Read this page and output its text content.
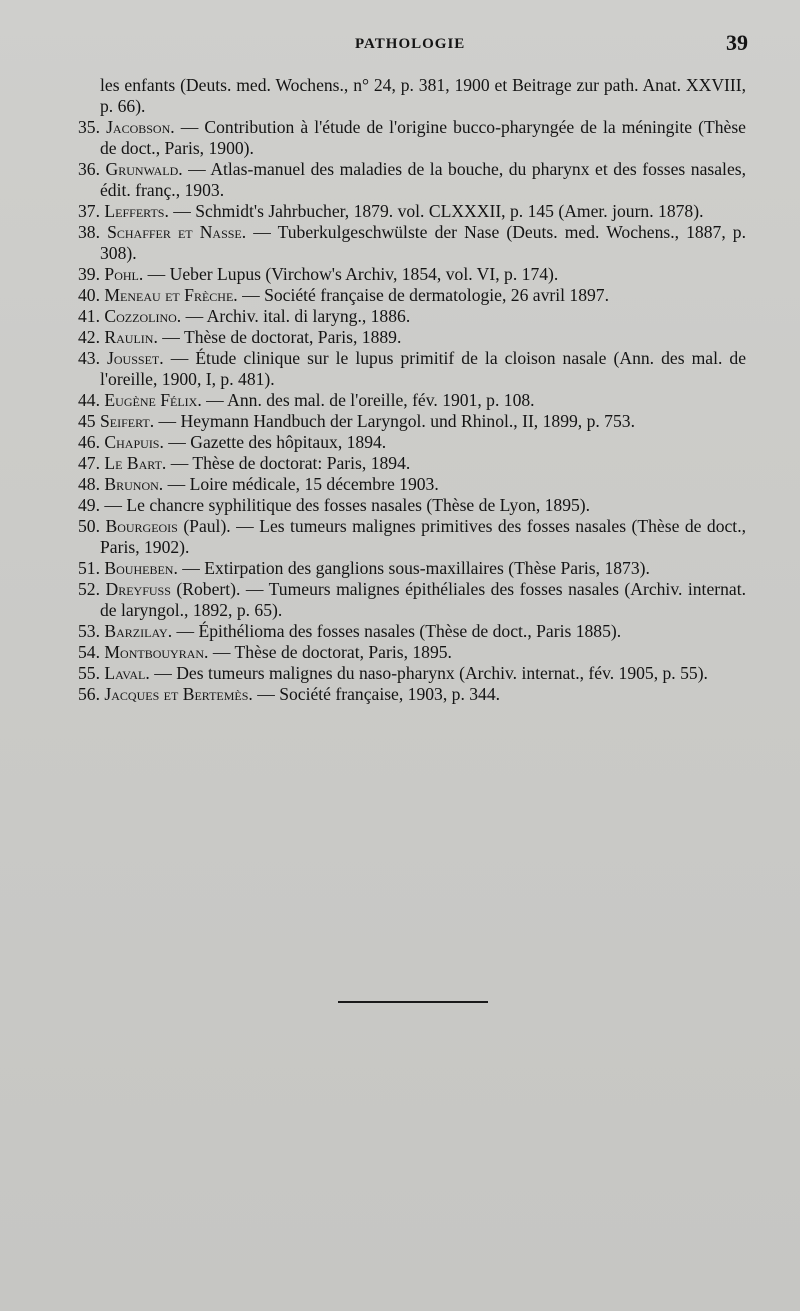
PATHOLOGIE	39

les enfants (Deuts. med. Wochens., n° 24, p. 381, 1900 et Beitrage zur path. Anat. XXVIII, p. 66).

35. Jacobson. — Contribution à l'étude de l'origine bucco-pharyngée de la méningite (Thèse de doct., Paris, 1900).

36. Grunwald. — Atlas-manuel des maladies de la bouche, du pharynx et des fosses nasales, édit. franç., 1903.

37. Lefferts. — Schmidt's Jahrbucher, 1879. vol. CLXXXII, p. 145 (Amer. journ. 1878).

38. Schaffer et Nasse. — Tuberkulgeschwülste der Nase (Deuts. med. Wochens., 1887, p. 308).

39. Pohl. — Ueber Lupus (Virchow's Archiv, 1854, vol. VI, p. 174).

40. Meneau et Frèche. — Société française de dermatologie, 26 avril 1897.

41. Cozzolino. — Archiv. ital. di laryng., 1886.

42. Raulin. — Thèse de doctorat, Paris, 1889.

43. Jousset. — Étude clinique sur le lupus primitif de la cloison nasale (Ann. des mal. de l'oreille, 1900, I, p. 481).

44. Eugène Félix. — Ann. des mal. de l'oreille, fév. 1901, p. 108.

45 Seifert. — Heymann Handbuch der Laryngol. und Rhinol., II, 1899, p. 753.

46. Chapuis. — Gazette des hôpitaux, 1894.

47. Le Bart. — Thèse de doctorat: Paris, 1894.

48. Brunon. — Loire médicale, 15 décembre 1903.

49. — Le chancre syphilitique des fosses nasales (Thèse de Lyon, 1895).

50. Bourgeois (Paul). — Les tumeurs malignes primitives des fosses nasales (Thèse de doct., Paris, 1902).

51. Bouheben. — Extirpation des ganglions sous-maxillaires (Thèse Paris, 1873).

52. Dreyfuss (Robert). — Tumeurs malignes épithéliales des fosses nasales (Archiv. internat. de laryngol., 1892, p. 65).

53. Barzilay. — Épithélioma des fosses nasales (Thèse de doct., Paris 1885).

54. Montbouyran. — Thèse de doctorat, Paris, 1895.

55. Laval. — Des tumeurs malignes du naso-pharynx (Archiv. internat., fév. 1905, p. 55).

56. Jacques et Bertemès. — Société française, 1903, p. 344.
